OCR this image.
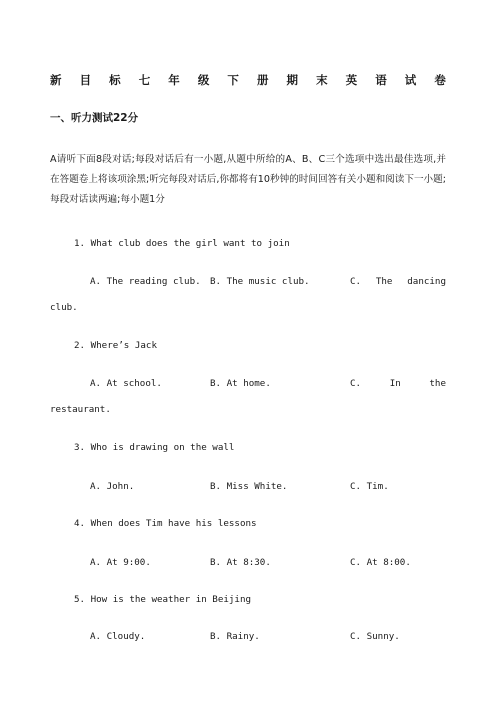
新 目 标 七 年 级 下 册 期 末 英 语 试 卷
一、听力测试22分
A请听下面8段对话;每段对话后有一小题,从题中所给的A、B、C三个选项中选出最佳选项,并在答题卷上将该项涂黑;听完每段对话后,你都将有10秒钟的时间回答有关小题和阅读下一小题;每段对话读两遍;每小题1分
1. What club does the girl want to join
A. The reading club. B. The music club.	C. The dancing
club.
2. Where’s Jack
A. At school.	B. At home.	C.	In	the
restaurant.
3. Who is drawing on the wall
A. John.	B. Miss White.	C. Tim.
4. When does Tim have his lessons
A. At 9:00.	B. At 8:30.	C. At 8:00.
5. How is the weather in Beijing
A. Cloudy.	B. Rainy.	C. Sunny.
